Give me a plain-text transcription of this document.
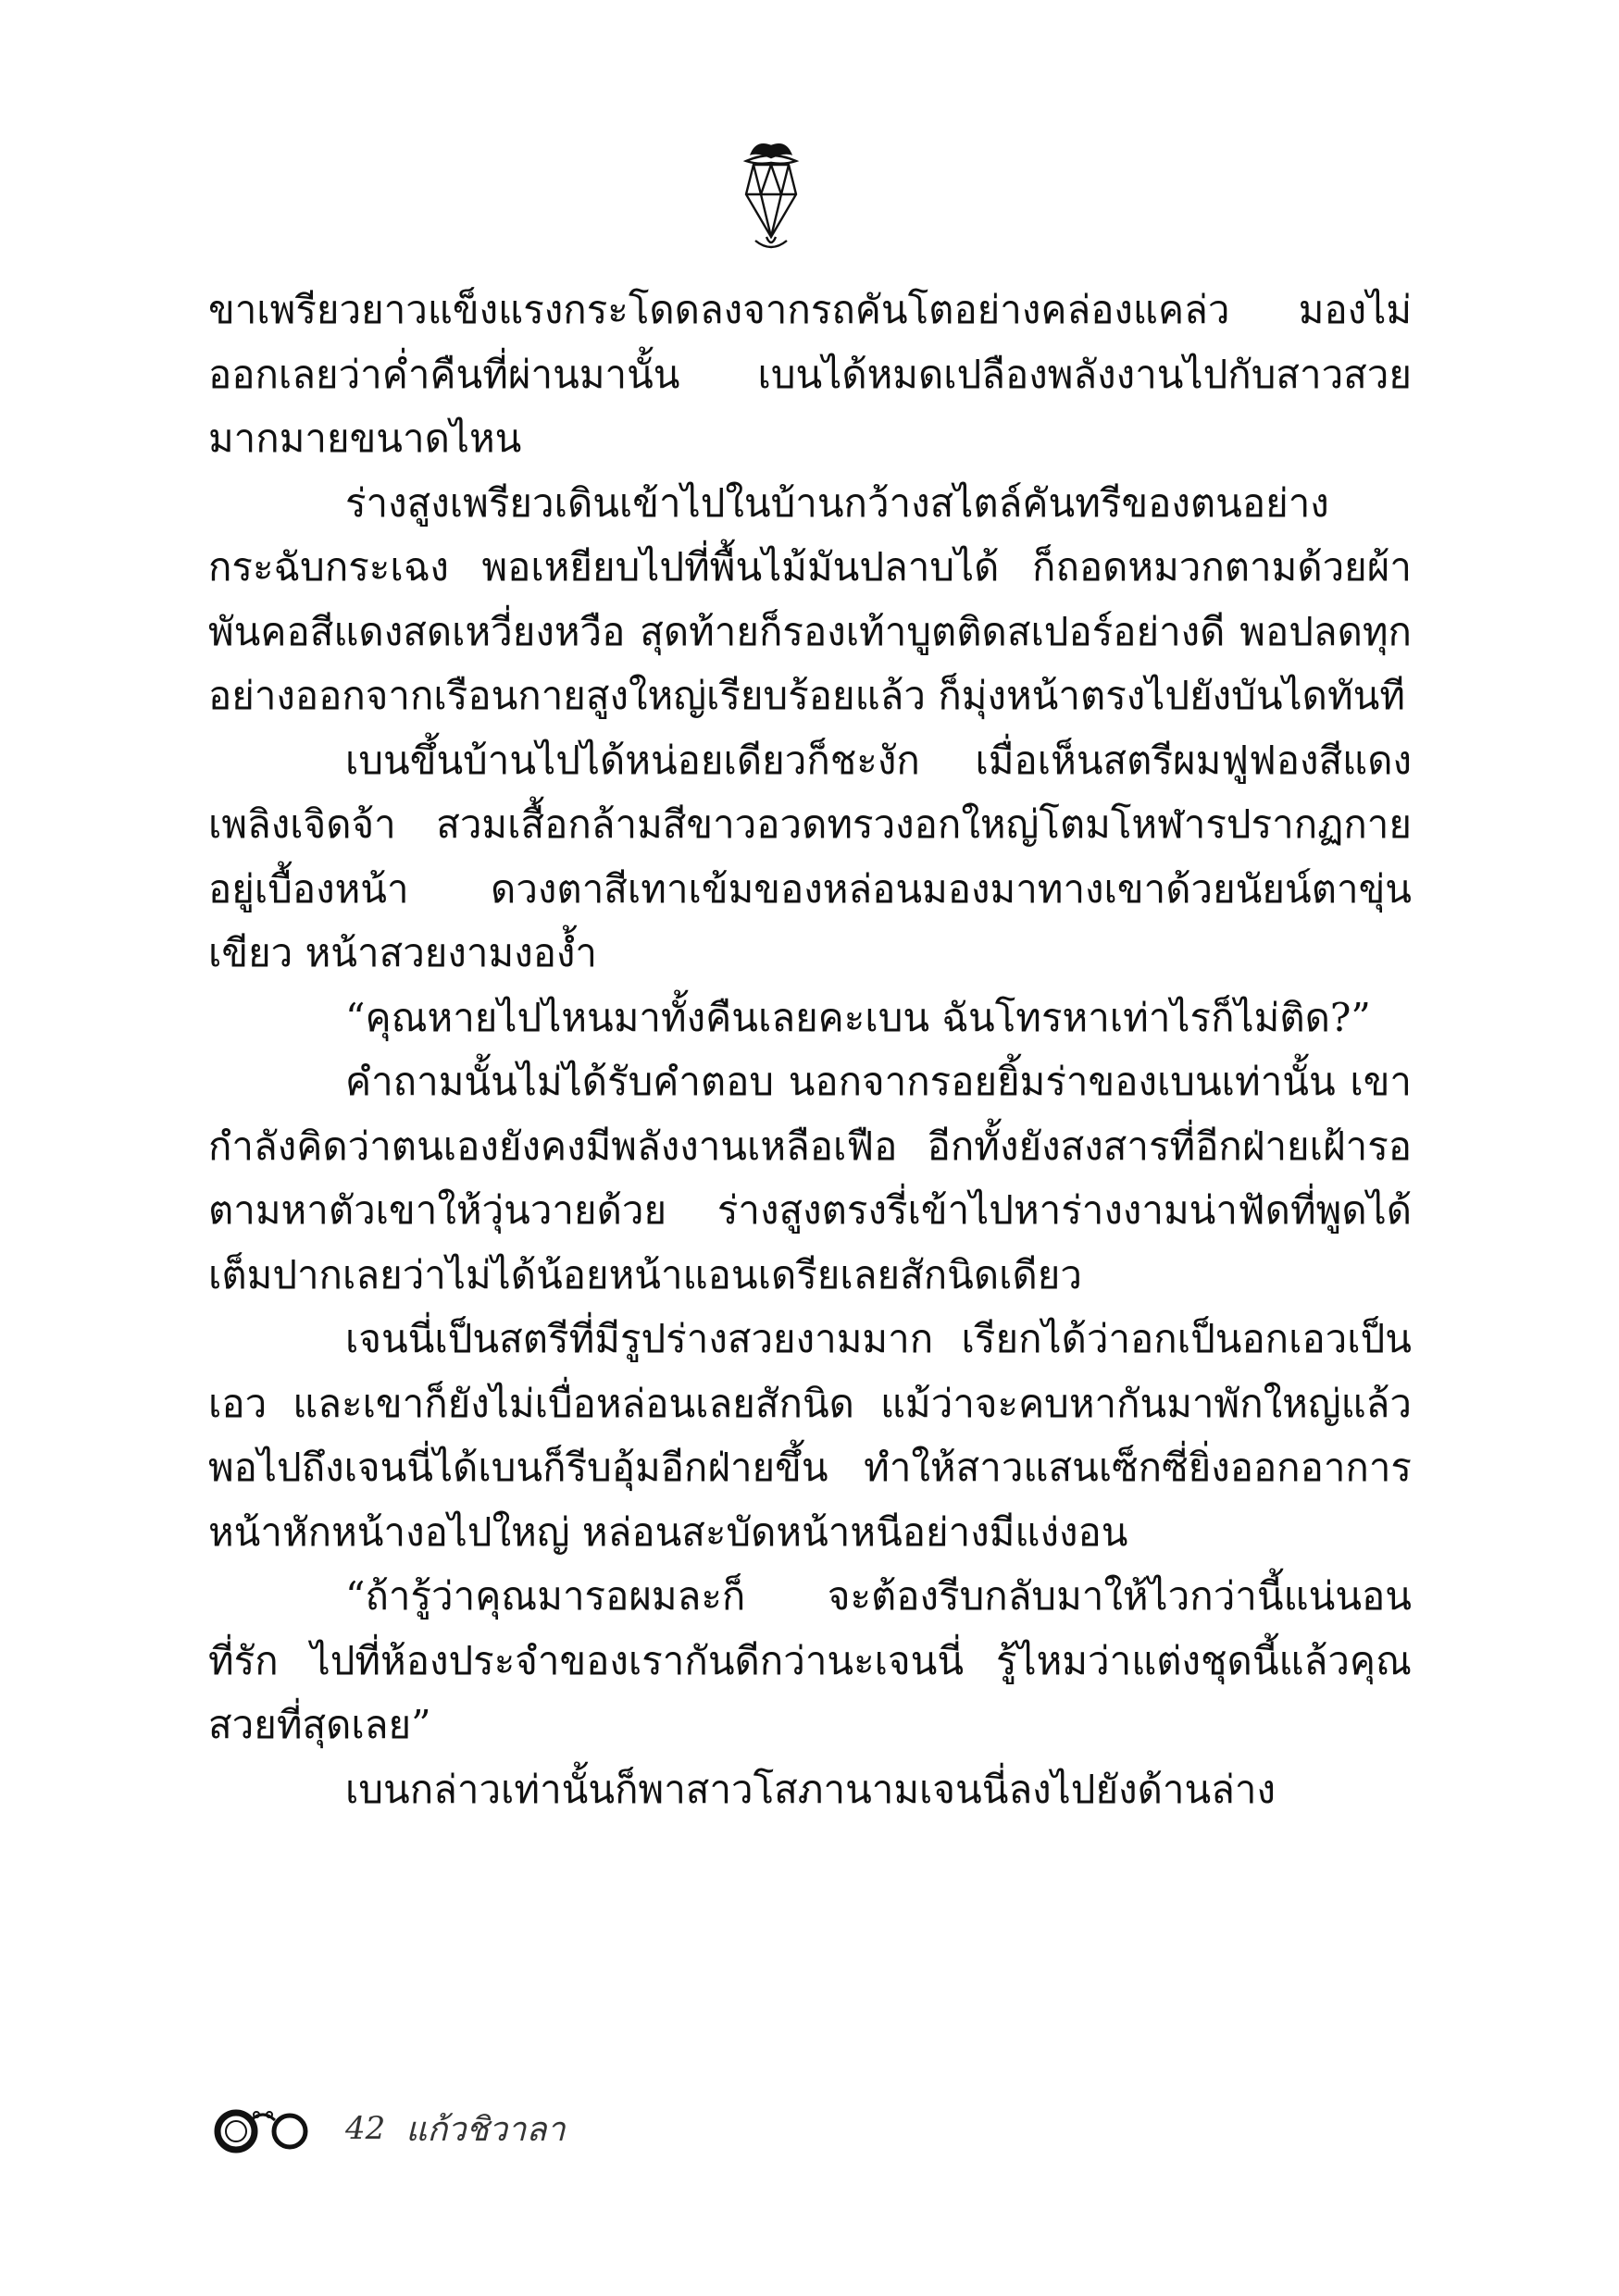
ขาเพรียวยาวแข็งแรงกระโดดลงจากรถคันโตอย่างคล่องแคล่ว มองไม่ออกเลยว่าค่ำคืนที่ผ่านมานั้น เบนได้หมดเปลืองพลังงานไปกับสาวสวยมากมายขนาดไหน

ร่างสูงเพรียวเดินเข้าไปในบ้านกว้างสไตล์คันทรีของตนอย่างกระฉับกระเฉง พอเหยียบไปที่พื้นไม้มันปลาบได้ ก็ถอดหมวกตามด้วยผ้าพันคอสีแดงสดเหวี่ยงหวือ สุดท้ายก็รองเท้าบูตติดสเปอร์อย่างดี พอปลดทุกอย่างออกจากเรือนกายสูงใหญ่เรียบร้อยแล้ว ก็มุ่งหน้าตรงไปยังบันไดทันที

เบนขึ้นบ้านไปได้หน่อยเดียวก็ชะงัก เมื่อเห็นสตรีผมฟูฟองสีแดงเพลิงเจิดจ้า สวมเสื้อกล้ามสีขาวอวดทรวงอกใหญ่โตมโหฬารปรากฏกายอยู่เบื้องหน้า ดวงตาสีเทาเข้มของหล่อนมองมาทางเขาด้วยนัยน์ตาขุ่นเขียว หน้าสวยงามงอง้ำ

“คุณหายไปไหนมาทั้งคืนเลยคะเบน ฉันโทรหาเท่าไรก็ไม่ติด?”

คำถามนั้นไม่ได้รับคำตอบ นอกจากรอยยิ้มร่าของเบนเท่านั้น เขากำลังคิดว่าตนเองยังคงมีพลังงานเหลือเฟือ อีกทั้งยังสงสารที่อีกฝ่ายเฝ้ารอตามหาตัวเขาให้วุ่นวายด้วย ร่างสูงตรงรี่เข้าไปหาร่างงามน่าฟัดที่พูดได้เต็มปากเลยว่าไม่ได้น้อยหน้าแอนเดรียเลยสักนิดเดียว

เจนนี่เป็นสตรีที่มีรูปร่างสวยงามมาก เรียกได้ว่าอกเป็นอกเอวเป็นเอว และเขาก็ยังไม่เบื่อหล่อนเลยสักนิด แม้ว่าจะคบหากันมาพักใหญ่แล้ว พอไปถึงเจนนี่ได้เบนก็รีบอุ้มอีกฝ่ายขึ้น ทำให้สาวแสนเซ็กซี่ยิ่งออกอาการหน้าหักหน้างอไปใหญ่ หล่อนสะบัดหน้าหนีอย่างมีแง่งอน

“ถ้ารู้ว่าคุณมารอผมละก็ จะต้องรีบกลับมาให้ไวกว่านี้แน่นอน ที่รัก ไปที่ห้องประจำของเรากันดีกว่านะเจนนี่ รู้ไหมว่าแต่งชุดนี้แล้วคุณสวยที่สุดเลย”

เบนกล่าวเท่านั้นก็พาสาวโสภานามเจนนี่ลงไปยังด้านล่าง

42 แก้วชิวาลา
